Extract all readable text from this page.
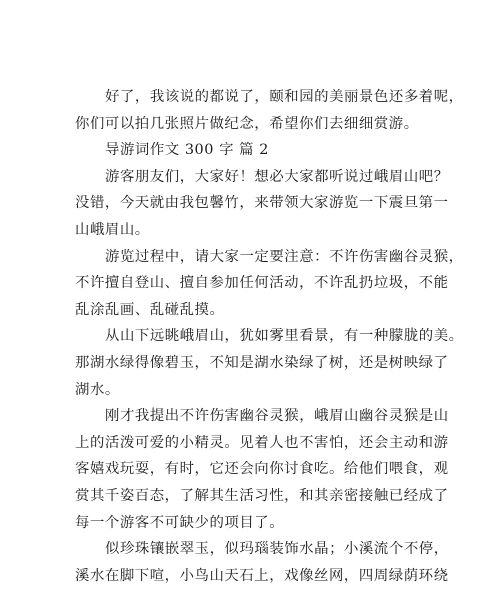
好了，我该说的都说了，颐和园的美丽景色还多着呢，
你们可以拍几张照片做纪念，希望你们去细细赏游。
导游词作文 300 字 篇 2
游客朋友们，大家好！想必大家都听说过峨眉山吧？
没错，今天就由我包馨竹，来带领大家游览一下震旦第一
山峨眉山。
游览过程中，请大家一定要注意：不许伤害幽谷灵猴，
不许擅自登山、擅自参加任何活动，不许乱扔垃圾，不能
乱涂乱画、乱碰乱摸。
从山下远眺峨眉山，犹如雾里看景，有一种朦胧的美。
那湖水绿得像碧玉，不知是湖水染绿了树，还是树映绿了
湖水。
刚才我提出不许伤害幽谷灵猴，峨眉山幽谷灵猴是山
上的活泼可爱的小精灵。见着人也不害怕，还会主动和游
客嬉戏玩耍，有时，它还会向你讨食吃。给他们喂食，观
赏其千姿百态，了解其生活习性，和其亲密接触已经成了
每一个游客不可缺少的项目了。
似珍珠镶嵌翠玉，似玛瑙装饰水晶；小溪流个不停，
溪水在脚下喧，小鸟山天石上，戏像丝网，四周绿荫环绕
